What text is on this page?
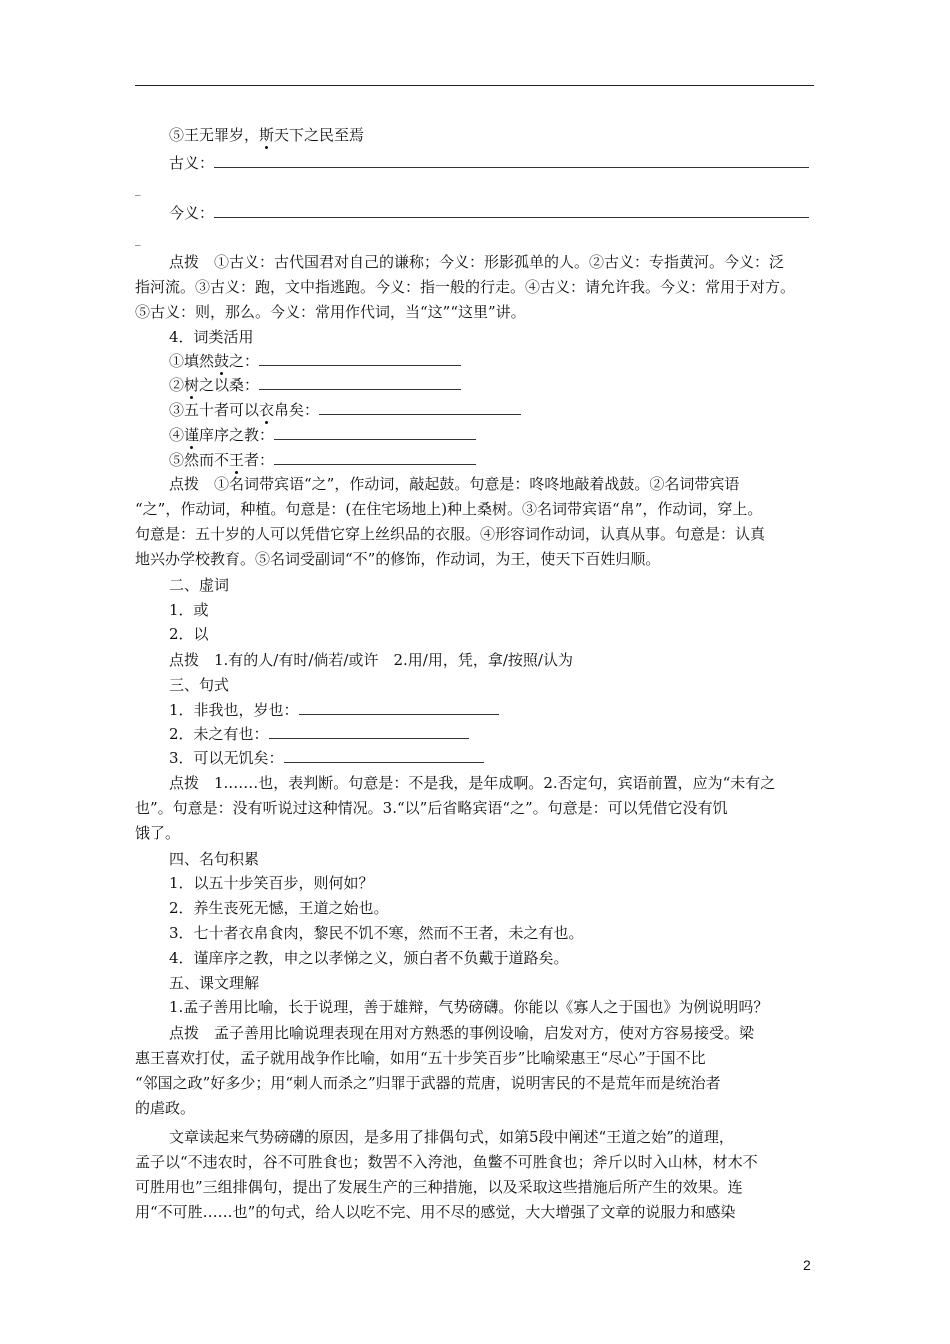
⑤王无罪岁，斯天下之民至焉
古义：
_
今义：
_
点拨　①古义：古代国君对自己的谦称；今义：形影孤单的人。②古义：专指黄河。今义：泛
指河流。③古义：跑，文中指逃跑。今义：指一般的行走。④古义：请允许我。今义：常用于对方。
⑤古义：则，那么。今义：常用作代词，当“这”“这里”讲。
4．词类活用
①填然鼓之：
②树之以桑：
③五十者可以衣帛矣：
④谨庠序之教：
⑤然而不王者：
点拨　①名词带宾语“之”，作动词，敲起鼓。句意是：咚咚地敲着战鼓。②名词带宾语
“之”，作动词，种植。句意是：(在住宅场地上)种上桑树。③名词带宾语“帛”，作动词，穿上。
句意是：五十岁的人可以凭借它穿上丝织品的衣服。④形容词作动词，认真从事。句意是：认真
地兴办学校教育。⑤名词受副词“不”的修饰，作动词，为王，使天下百姓归顺。
二、虚词
1．或
2．以
点拨　1.有的人/有时/倘若/或许　2.用/用，凭，拿/按照/认为
三、句式
1．非我也，岁也：
2．未之有也：
3．可以无饥矣：
点拨　1.……也，表判断。句意是：不是我，是年成啊。2.否定句，宾语前置，应为“未有之
也”。句意是：没有听说过这种情况。3.“以”后省略宾语“之”。句意是：可以凭借它没有饥
饿了。
四、名句积累
1．以五十步笑百步，则何如？
2．养生丧死无憾，王道之始也。
3．七十者衣帛食肉，黎民不饥不寒，然而不王者，未之有也。
4．谨庠序之教，申之以孝悌之义，颁白者不负戴于道路矣。
五、课文理解
1.孟子善用比喻，长于说理，善于雄辩，气势磅礴。你能以《寡人之于国也》为例说明吗？
点拨　孟子善用比喻说理表现在用对方熟悉的事例设喻，启发对方，使对方容易接受。梁
惠王喜欢打仗，孟子就用战争作比喻，如用“五十步笑百步”比喻梁惠王“尽心”于国不比
“邻国之政”好多少；用“刺人而杀之”归罪于武器的荒唐，说明害民的不是荒年而是统治者
的虐政。
文章读起来气势磅礴的原因，是多用了排偶句式，如第5段中阐述“王道之始”的道理，
孟子以“不违农时，谷不可胜食也；数罟不入洿池，鱼鳖不可胜食也；斧斤以时入山林，材木不
可胜用也”三组排偶句，提出了发展生产的三种措施，以及采取这些措施后所产生的效果。连
用“不可胜……也”的句式，给人以吃不完、用不尽的感觉，大大增强了文章的说服力和感染
2
